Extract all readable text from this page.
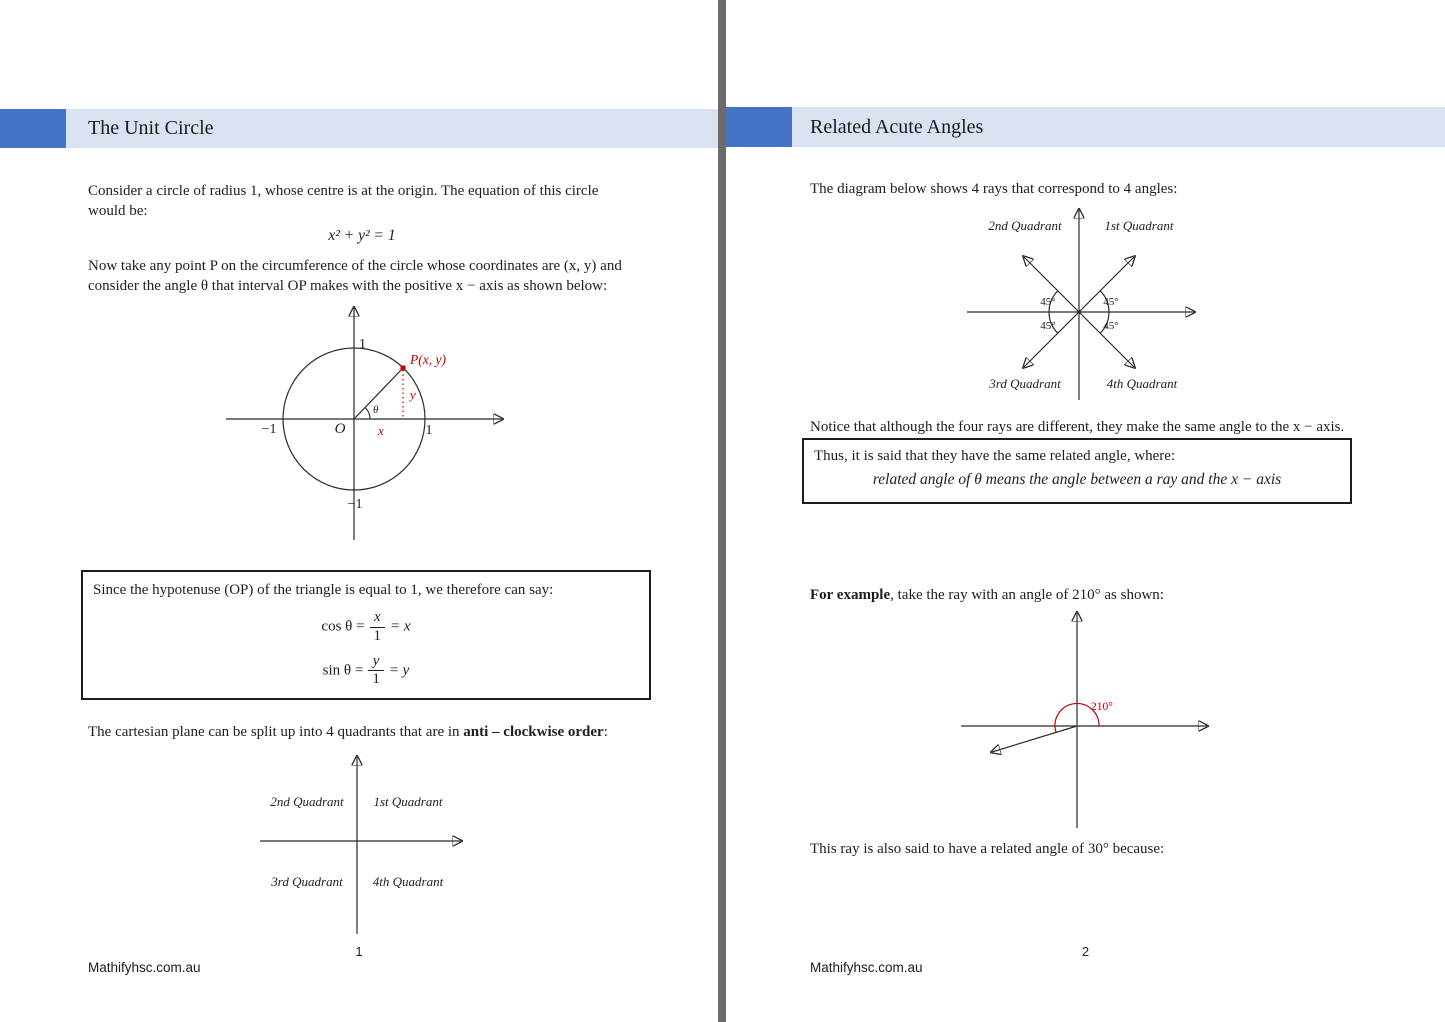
The Unit Circle
Consider a circle of radius 1, whose centre is at the origin. The equation of this circle would be:
x² + y² = 1
Now take any point P on the circumference of the circle whose coordinates are (x, y) and consider the angle θ that interval OP makes with the positive x − axis as shown below:
1
−1
−1	1
O
θ
P(x, y)
x
y
Since the hypotenuse (OP) of the triangle is equal to 1, we therefore can say:
$\cos \theta = \frac{x}{1} = x$
$\sin \theta = \frac{y}{1} = y$
The cartesian plane can be split up into 4 quadrants that are in anti – clockwise order:
2nd Quadrant 1st Quadrant
3rd Quadrant 4th Quadrant
1
Mathifyhsc.com.au
Related Acute Angles
The diagram below shows 4 rays that correspond to 4 angles:
45°	45°
45°	45°
2nd Quadrant	1st Quadrant
3rd Quadrant	4th Quadrant
Notice that although the four rays are different, they make the same angle to the x − axis.
Thus, it is said that they have the same related angle, where:
related angle of θ means the angle between a ray and the x − axis
For example, take the ray with an angle of 210° as shown:
210°
This ray is also said to have a related angle of 30° because:
2
Mathifyhsc.com.au
